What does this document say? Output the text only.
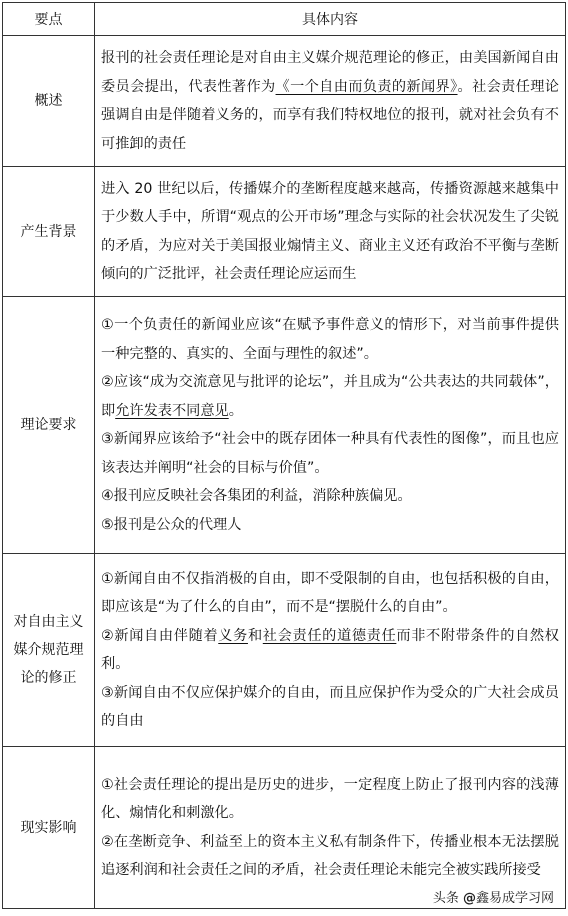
要点	具体内容
概述	报刊的社会责任理论是对自由主义媒介规范理论的修正，由美国新闻自由委员会提出，代表性著作为《一个自由而负责的新闻界》。社会责任理论强调自由是伴随着义务的，而享有我们特权地位的报刊，就对社会负有不可推卸的责任

产生背景	进入 20 世纪以后，传播媒介的垄断程度越来越高，传播资源越来越集中于少数人手中，所谓“观点的公开市场”理念与实际的社会状况发生了尖锐的矛盾，为应对关于美国报业煽情主义、商业主义还有政治不平衡与垄断倾向的广泛批评，社会责任理论应运而生

理论要求	①一个负责任的新闻业应该“在赋予事件意义的情形下，对当前事件提供一种完整的、真实的、全面与理性的叙述”。

②应该“成为交流意见与批评的论坛”，并且成为“公共表达的共同载体”，即允许发表不同意见。

③新闻界应该给予“社会中的既存团体一种具有代表性的图像”，而且也应该表达并阐明“社会的目标与价值”。

④报刊应反映社会各集团的利益，消除种族偏见。

⑤报刊是公众的代理人

对自由主义媒介规范理论的修正	①新闻自由不仅指消极的自由，即不受限制的自由，也包括积极的自由，即应该是“为了什么的自由”，而不是“摆脱什么的自由”。

②新闻自由伴随着义务和社会责任的道德责任而非不附带条件的自然权利。

③新闻自由不仅应保护媒介的自由，而且应保护作为受众的广大社会成员的自由

现实影响	①社会责任理论的提出是历史的进步，一定程度上防止了报刊内容的浅薄化、煽情化和刺激化。

②在垄断竞争、利益至上的资本主义私有制条件下，传播业根本无法摆脱追逐利润和社会责任之间的矛盾，社会责任理论未能完全被实践所接受

头条 @鑫易成学习网
